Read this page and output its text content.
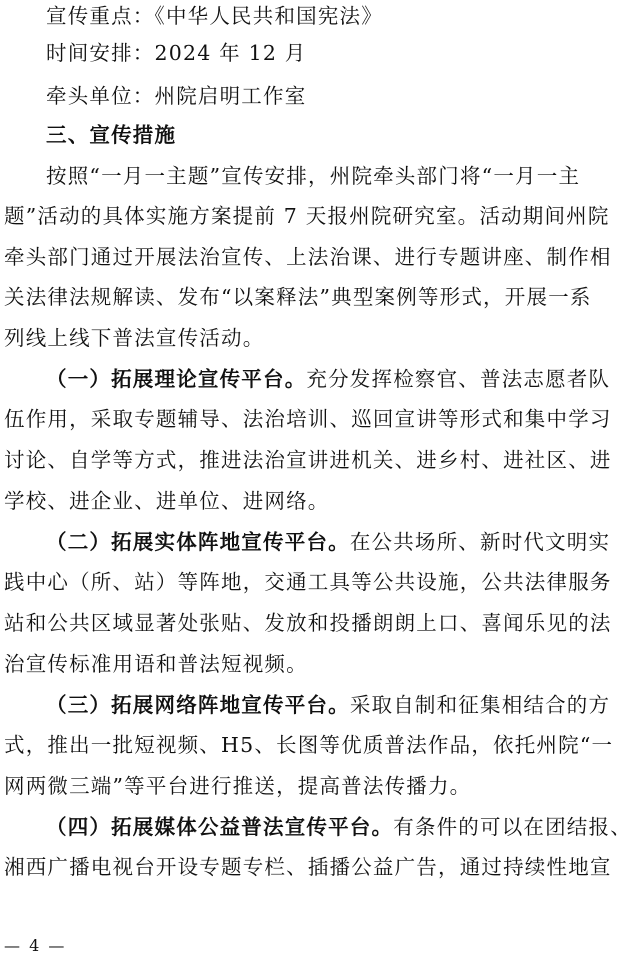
宣传重点：《中华人民共和国宪法》
时间安排：2024 年 12 月
牵头单位：州院启明工作室
三、宣传措施
按照“一月一主题”宣传安排，州院牵头部门将“一月一主
题”活动的具体实施方案提前 7 天报州院研究室。活动期间州院
牵头部门通过开展法治宣传、上法治课、进行专题讲座、制作相
关法律法规解读、发布“以案释法”典型案例等形式，开展一系
列线上线下普法宣传活动。
（一）拓展理论宣传平台。充分发挥检察官、普法志愿者队
伍作用，采取专题辅导、法治培训、巡回宣讲等形式和集中学习
讨论、自学等方式，推进法治宣讲进机关、进乡村、进社区、进
学校、进企业、进单位、进网络。
（二）拓展实体阵地宣传平台。在公共场所、新时代文明实
践中心（所、站）等阵地，交通工具等公共设施，公共法律服务
站和公共区域显著处张贴、发放和投播朗朗上口、喜闻乐见的法
治宣传标准用语和普法短视频。
（三）拓展网络阵地宣传平台。采取自制和征集相结合的方
式，推出一批短视频、H5、长图等优质普法作品，依托州院“一
网两微三端”等平台进行推送，提高普法传播力。
（四）拓展媒体公益普法宣传平台。有条件的可以在团结报、
湘西广播电视台开设专题专栏、插播公益广告，通过持续性地宣
— 4 —
